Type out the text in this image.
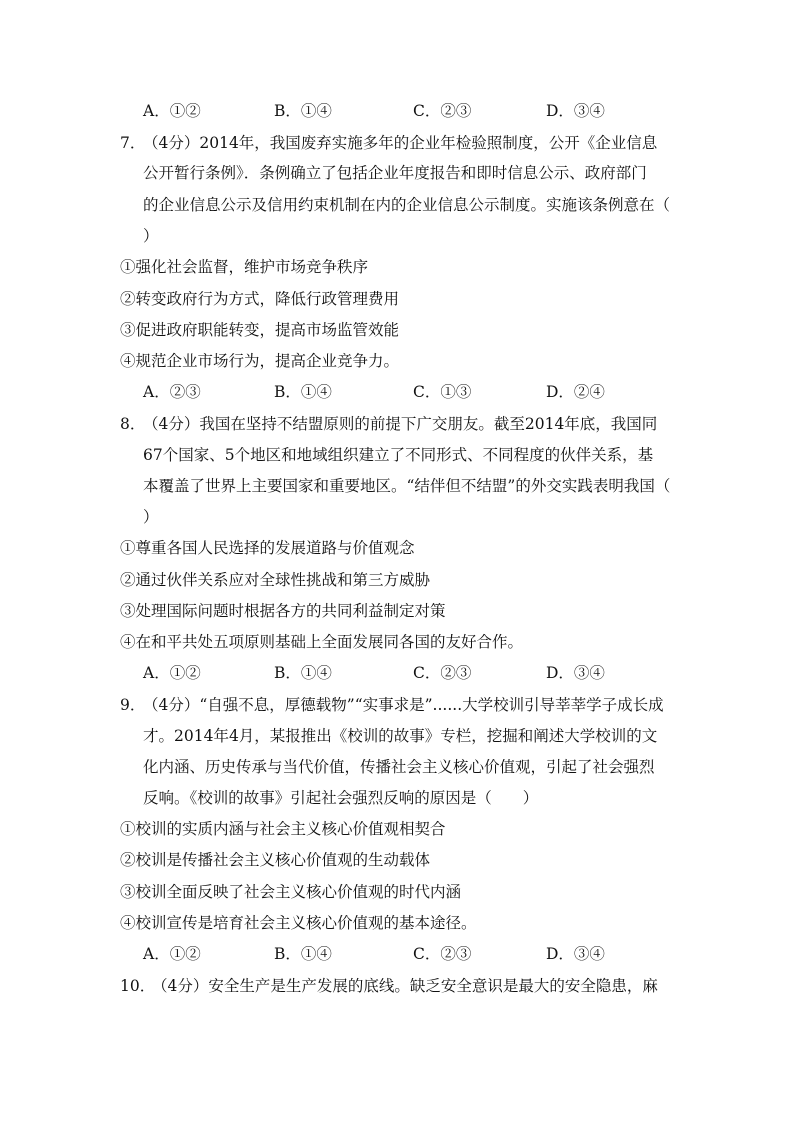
A．①②	B．①④	C．②③	D．③④
7．
（4分）2014年，我国废弃实施多年的企业年检验照制度，公开《企业信息
公开暂行条例》．条例确立了包括企业年度报告和即时信息公示、政府部门
的企业信息公示及信用约束机制在内的企业信息公示制度。实施该条例意在（
）
①强化社会监督，维护市场竞争秩序
②转变政府行为方式，降低行政管理费用
③促进政府职能转变，提高市场监管效能
④规范企业市场行为，提高企业竞争力。
A．②③	B．①④	C．①③	D．②④
8．
（4分）我国在坚持不结盟原则的前提下广交朋友。截至2014年底，我国同
67个国家、5个地区和地域组织建立了不同形式、不同程度的伙伴关系，基
本覆盖了世界上主要国家和重要地区。“结伴但不结盟”的外交实践表明我国（
）
①尊重各国人民选择的发展道路与价值观念
②通过伙伴关系应对全球性挑战和第三方威胁
③处理国际问题时根据各方的共同利益制定对策
④在和平共处五项原则基础上全面发展同各国的友好合作。
A．①②	B．①④	C．②③	D．③④
9．
（4分）“自强不息，厚德载物”“实事求是”......大学校训引导莘莘学子成长成
才。2014年4月，某报推出《校训的故事》专栏，挖掘和阐述大学校训的文
化内涵、历史传承与当代价值，传播社会主义核心价值观，引起了社会强烈
反响。《校训的故事》引起社会强烈反响的原因是（　　）
①校训的实质内涵与社会主义核心价值观相契合
②校训是传播社会主义核心价值观的生动载体
③校训全面反映了社会主义核心价值观的时代内涵
④校训宣传是培育社会主义核心价值观的基本途径。
A．①②	B．①④	C．②③	D．③④
10．
（4分）安全生产是生产发展的底线。缺乏安全意识是最大的安全隐患，麻
